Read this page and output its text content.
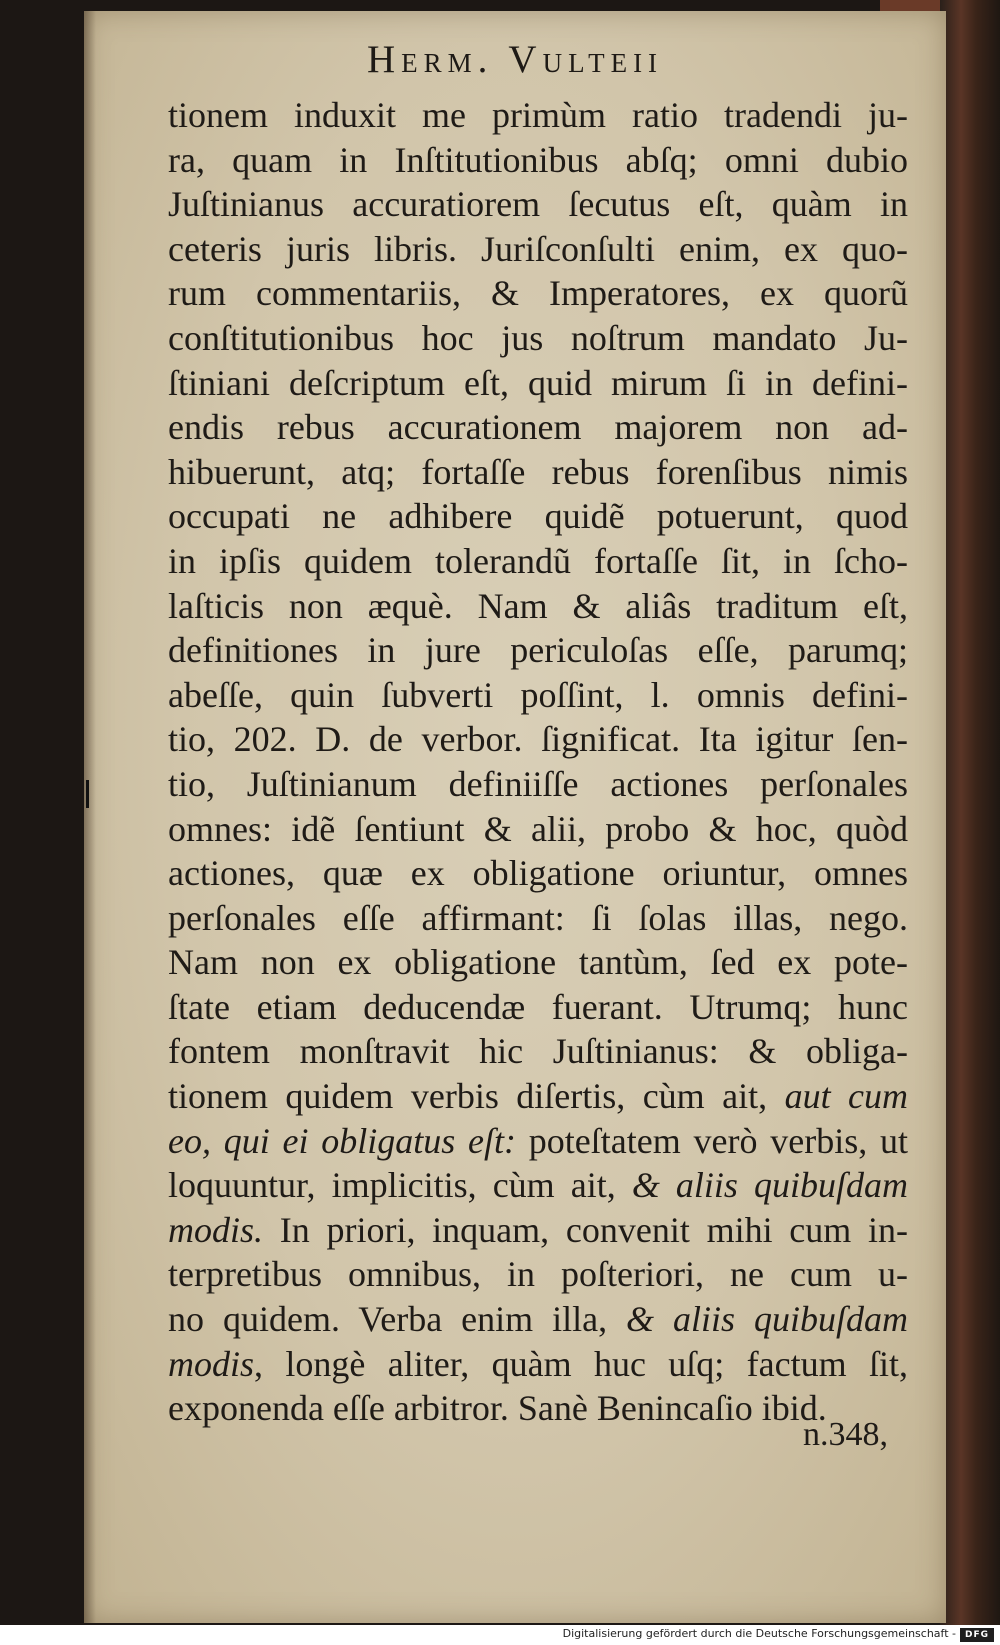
Herm. Vulteii
tionem induxit me primùm ratio tradendi ju-
ra, quam in Inſtitutionibus abſq; omni dubio
Juſtinianus accuratiorem ſecutus eſt, quàm in
ceteris juris libris. Juriſconſulti enim, ex quo-
rum commentariis, & Imperatores, ex quorũ
conſtitutionibus hoc jus noſtrum mandato Ju-
ſtiniani deſcriptum eſt, quid mirum ſi in defini-
endis rebus accurationem majorem non ad-
hibuerunt, atq; fortaſſe rebus forenſibus nimis
occupati ne adhibere quidẽ potuerunt, quod
in ipſis quidem tolerandũ fortaſſe ſit, in ſcho-
laſticis non æquè. Nam & aliâs traditum eſt,
definitiones in jure periculoſas eſſe, parumq;
abeſſe, quin ſubverti poſſint, l. omnis defini-
tio, 202. D. de verbor. ſignificat. Ita igitur ſen-
tio, Juſtinianum definiiſſe actiones perſonales
omnes: idẽ ſentiunt & alii, probo & hoc, quòd
actiones, quæ ex obligatione oriuntur, omnes
perſonales eſſe affirmant: ſi ſolas illas, nego.
Nam non ex obligatione tantùm, ſed ex pote-
ſtate etiam deducendæ fuerant. Utrumq; hunc
fontem monſtravit hic Juſtinianus: & obliga-
tionem quidem verbis diſertis, cùm ait, aut cum
eo, qui ei obligatus eſt: poteſtatem verò verbis, ut
loquuntur, implicitis, cùm ait, & aliis quibuſdam
modis. In priori, inquam, convenit mihi cum in-
terpretibus omnibus, in poſteriori, ne cum u-
no quidem. Verba enim illa, & aliis quibuſdam
modis, longè aliter, quàm huc uſq; factum ſit,
exponenda eſſe arbitror. Sanè Benincaſio ibid.
n.348,
Digitalisierung gefördert durch die Deutsche Forschungsgemeinschaft - DFG
